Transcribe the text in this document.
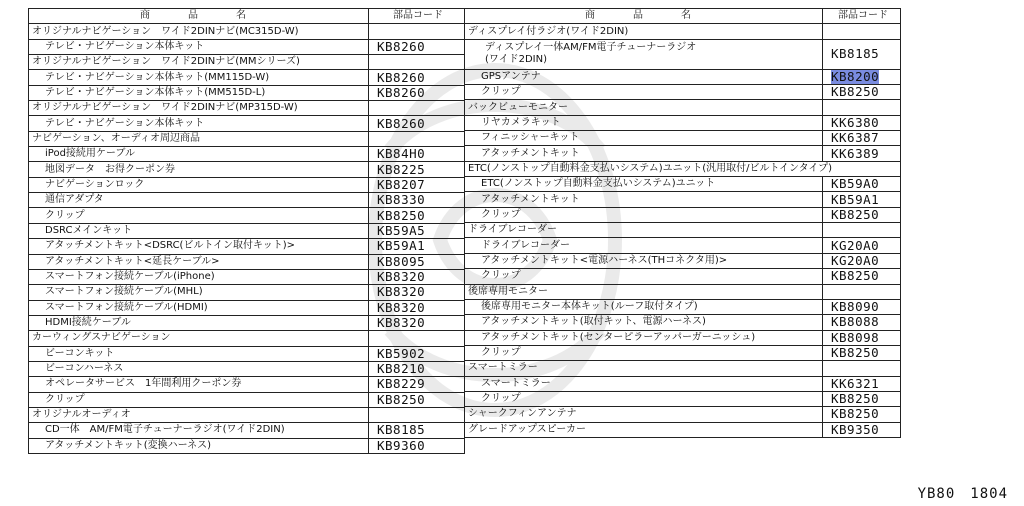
商　品　名	部品コード
オリジナルナビゲーション　ワイド2DINナビ(MC315D-W)	
テレビ・ナビゲーション本体キット	KB8260
オリジナルナビゲーション　ワイド2DINナビ(MMシリーズ)	
テレビ・ナビゲーション本体キット(MM115D-W)	KB8260
テレビ・ナビゲーション本体キット(MM515D-L)	KB8260
オリジナルナビゲーション　ワイド2DINナビ(MP315D-W)	
テレビ・ナビゲーション本体キット	KB8260
ナビゲーション、オーディオ周辺商品	
iPod接続用ケーブル	KB84H0
地図データ　お得クーポン券	KB8225
ナビゲーションロック	KB8207
通信アダプタ	KB8330
クリップ	KB8250
DSRCメインキット	KB59A5
アタッチメントキット<DSRC(ビルトイン取付キット)>	KB59A1
アタッチメントキット<延長ケーブル>	KB8095
スマートフォン接続ケーブル(iPhone)	KB8320
スマートフォン接続ケーブル(MHL)	KB8320
スマートフォン接続ケーブル(HDMI)	KB8320
HDMI接続ケーブル	KB8320
カーウィングスナビゲーション	
ビーコンキット	KB5902
ビーコンハーネス	KB8210
オペレータサービス　1年間利用クーポン券	KB8229
クリップ	KB8250
オリジナルオーディオ	
CD一体　AM/FM電子チューナーラジオ(ワイド2DIN)	KB8185
アタッチメントキット(変換ハーネス)	KB9360
商　品　名	部品コード
ディスプレイ付ラジオ(ワイド2DIN)	

ディスプレイ一体AM/FM電子チューナーラジオ
(ワイド2DIN)	KB8185
GPSアンテナ	KB8200
クリップ	KB8250
バックビューモニター	
リヤカメラキット	KK6380
フィニッシャーキット	KK6387
アタッチメントキット	KK6389
ETC(ノンストップ自動料金支払いシステム)ユニット(汎用取付/ビルトインタイプ)	
ETC(ノンストップ自動料金支払いシステム)ユニット	KB59A0
アタッチメントキット	KB59A1
クリップ	KB8250
ドライブレコーダー	
ドライブレコーダー	KG20A0
アタッチメントキット<電源ハーネス(THコネクタ用)>	KG20A0
クリップ	KB8250
後席専用モニター	
後席専用モニター本体キット(ルーフ取付タイプ)	KB8090
アタッチメントキット(取付キット、電源ハーネス)	KB8088
アタッチメントキット(センターピラーアッパーガーニッシュ)	KB8098
クリップ	KB8250
スマートミラー	
スマートミラー	KK6321
クリップ	KB8250
シャークフィンアンテナ	KB8250
グレードアップスピーカー	KB9350
YB80　1804
